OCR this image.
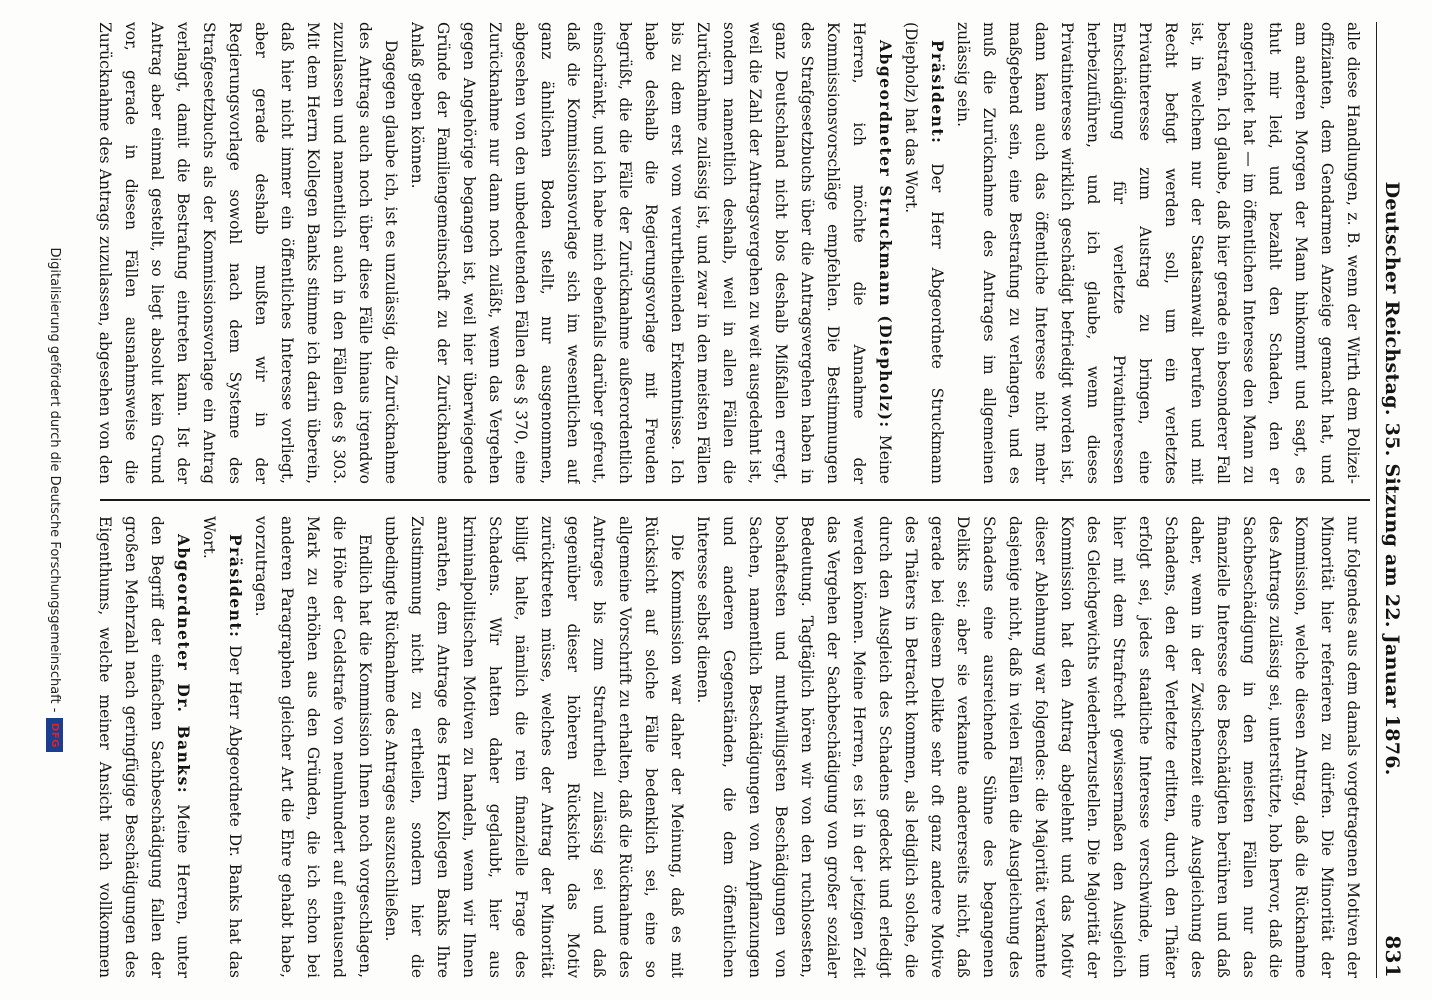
Deutscher Reichstag. 35. Sitzung am 22. Januar 1876.
831

alle diese Handlungen, z. B. wenn der Wirth dem Polizei-offizianten, dem Gendarmen Anzeige gemacht hat, und am anderen Morgen der Mann hinkommt und sagt, es thut mir leid, und bezahlt den Schaden, den er angerichtet hat — im öffentlichen Interesse den Mann zu bestrafen. Ich glaube, daß hier gerade ein besonderer Fall ist, in welchem nur der Staatsanwalt berufen und mit Recht befugt werden soll, um ein verletztes Privatinteresse zum Austrag zu bringen, eine Entschädigung für verletzte Privatinteressen herbeizuführen, und ich glaube, wenn dieses Privatinteresse wirklich geschädigt befriedigt worden ist, dann kann auch das öffentliche Interesse nicht mehr maßgebend sein, eine Bestrafung zu verlangen, und es muß die Zurücknahme des Antrages im allgemeinen zulässig sein.

Präsident: Der Herr Abgeordnete Struckmann (Diepholz) hat das Wort.

Abgeordneter Struckmann (Diepholz): Meine Herren, ich möchte die Annahme der Kommissionsvorschläge empfehlen. Die Bestimmungen des Strafgesetzbuchs über die Antragsvergehen haben in ganz Deutschland nicht blos deshalb Mißfallen erregt, weil die Zahl der Antragsvergehen zu weit ausgedehnt ist, sondern namentlich deshalb, weil in allen Fällen die Zurücknahme zulässig ist, und zwar in den meisten Fällen bis zu dem erst vom verurtheilenden Erkenntnisse. Ich habe deshalb die Regierungsvorlage mit Freuden begrüßt, die die Fälle der Zurücknahme außerordentlich einschränkt, und ich habe mich ebenfalls darüber gefreut, daß die Kommissionsvorlage sich im wesentlichen auf ganz ähnlichen Boden stellt, nur ausgenommen, abgesehen von den unbedeutenden Fällen des § 370, eine Zurücknahme nur dann noch zuläßt, wenn das Vergehen gegen Angehörige begangen ist, weil hier überwiegende Gründe der Familiengemeinschaft zu der Zurücknahme Anlaß geben können.

Dagegen glaube ich, ist es unzulässig, die Zurücknahme des Antrags auch noch über diese Fälle hinaus irgendwo zuzulassen und namentlich auch in den Fällen des § 303. Mit dem Herrn Kollegen Banks stimme ich darin überein, daß hier nicht immer ein öffentliches Interesse vorliegt, aber gerade deshalb mußten wir in der Regierungsvorlage sowohl nach dem Systeme des Strafgesetzbuchs als der Kommissionsvorlage ein Antrag verlangt, damit die Bestrafung eintreten kann. Ist der Antrag aber einmal gestellt, so liegt absolut kein Grund vor, gerade in diesen Fällen ausnahmsweise die Zurücknahme des Antrags zuzulassen, abgesehen von den

nur folgendes aus dem damals vorgetragenen Motiven der Minorität hier referieren zu dürfen. Die Minorität der Kommission, welche diesen Antrag, daß die Rücknahme des Antrags zulässig sei, unterstützte, hob hervor, daß die Sachbeschädigung in den meisten Fällen nur das finanzielle Interesse des Beschädigten berühren und daß daher, wenn in der Zwischenzeit eine Ausgleichung des Schadens, den der Verletzte erlitten, durch den Thäter erfolgt sei, jedes staatliche Interesse verschwinde, um hier mit dem Strafrecht gewissermaßen den Ausgleich des Gleichgewichts wiederherzustellen. Die Majorität der Kommission hat den Antrag abgelehnt und das Motiv dieser Ablehnung war folgendes: die Majorität verkannte dasjenige nicht, daß in vielen Fällen die Ausgleichung des Schadens eine ausreichende Sühne des begangenen Delikts sei; aber sie verkannte andererseits nicht, daß gerade bei diesem Delikte sehr oft ganz andere Motive des Thäters in Betracht kommen, als lediglich solche, die durch den Ausgleich des Schadens gedeckt und erledigt werden können. Meine Herren, es ist in der jetzigen Zeit das Vergehen der Sachbeschädigung von großer sozialer Bedeutung. Tagtäglich hören wir von den ruchlosesten, boshaftesten und muthwilligsten Beschädigungen von Sachen, namentlich Beschädigungen von Anpflanzungen und anderen Gegenständen, die dem öffentlichen Interesse selbst dienen.

Die Kommission war daher der Meinung, daß es mit Rücksicht auf solche Fälle bedenklich sei, eine so allgemeine Vorschrift zu erhalten, daß die Rücknahme des Antrages bis zum Strafurtheil zulässig sei und daß gegenüber dieser höheren Rücksicht das Motiv zurücktreten müsse, welches der Antrag der Minorität billigt halte, nämlich die rein finanzielle Frage des Schadens. Wir hatten daher geglaubt, hier aus kriminalpolitischen Motiven zu handeln, wenn wir Ihnen anrathen, dem Antrage des Herrn Kollegen Banks Ihre Zustimmung nicht zu ertheilen, sondern hier die unbedingte Rücknahme des Antrages auszuschließen.

Endlich hat die Kommission Ihnen noch vorgeschlagen, die Höhe der Geldstrafe von neunhundert auf eintausend Mark zu erhöhen aus den Gründen, die ich schon bei anderen Paragraphen gleicher Art die Ehre gehabt habe, vorzutragen.

Präsident: Der Herr Abgeordnete Dr. Banks hat das Wort.

Abgeordneter Dr. Banks: Meine Herren, unter den Begriff der einfachen Sachbeschädigung fallen der großen Mehrzahl nach geringfügige Beschädigungen des Eigenthums, welche meiner Ansicht nach vollkommen

Digitalisierung gefördert durch die Deutsche Forschungsgemeinschaft -
DFG
